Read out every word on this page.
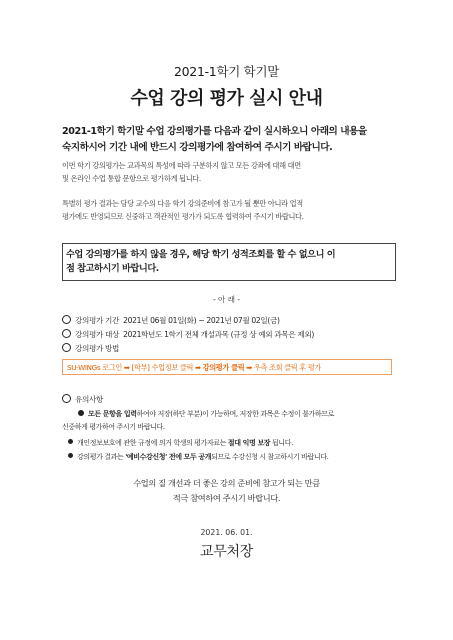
2021-1학기 학기말
수업 강의 평가 실시 안내
2021-1학기 학기말 수업 강의평가를 다음과 같이 실시하오니 아래의 내용을
숙지하시어 기간 내에 반드시 강의평가에 참여하여 주시기 바랍니다.
이번 학기 강의평가는 교과목의 특성에 따라 구분하지 않고 모든 강좌에 대해 대면
및 온라인 수업 통합 문항으로 평가하게 됩니다.
특별히 평가 결과는 담당 교수의 다음 학기 강의준비에 참고가 될 뿐만 아니라 업적
평가에도 반영되므로 신중하고 객관적인 평가가 되도록 협력하여 주시기 바랍니다.
수업 강의평가를 하지 않을 경우, 해당 학기 성적조회를 할 수 없으니 이
점 참고하시기 바랍니다.
- 아 래 -
강의평가 기간 2021년 06월 01일(화) ~ 2021년 07월 02일(금)
강의평가 대상 2021학년도 1학기 전체 개설과목 (규정 상 예외 과목은 제외)
강의평가 방법
SU-WINGs 로그인 ➡ [학부] 수업정보 클릭 ➡ 강의평가 클릭 ➡ 우측 조회 클릭 후 평가
유의사항
모든 문항을 입력하여야 저장(하단 부분)이 가능하며, 저장한 과목은 수정이 불가하므로
신중하게 평가하여 주시기 바랍니다.
개인정보보호에 관한 규정에 의거 학생의 평가자료는 절대 익명 보장 됩니다.
강의평가 결과는 '예비수강신청' 전에 모두 공개되므로 수강신청 시 참고하시기 바랍니다.
수업의 질 개선과 더 좋은 강의 준비에 참고가 되는 만큼
적극 참여하여 주시기 바랍니다.
2021. 06. 01.
교무처장
